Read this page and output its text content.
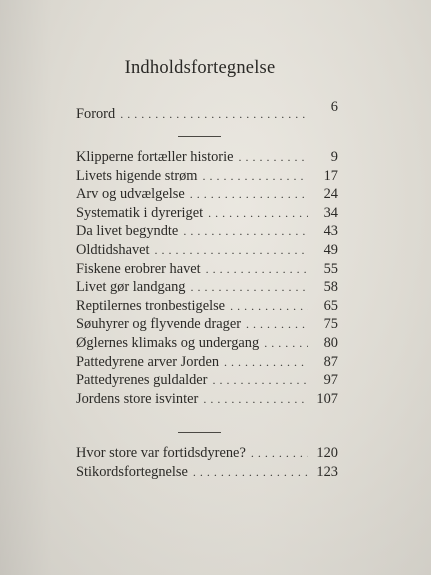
Indholdsfortegnelse
Forord . . .	6
Klipperne fortæller historie . . .	9
Livets higende strøm . . .	17
Arv og udvælgelse . . .	24
Systematik i dyreriget . . .	34
Da livet begyndte . . .	43
Oldtidshavet . . .	49
Fiskene erobrer havet . . .	55
Livet gør landgang . . .	58
Reptilernes tronbestigelse . . .	65
Søuhyrer og flyvende drager . . .	75
Øglernes klimaks og undergang . . .	80
Pattedyrene arver Jorden . . .	87
Pattedyrenes guldalder . . .	97
Jordens store isvinter . . .	107
Hvor store var fortidsdyrene? . . .	120
Stikordsfortegnelse . . .	123
